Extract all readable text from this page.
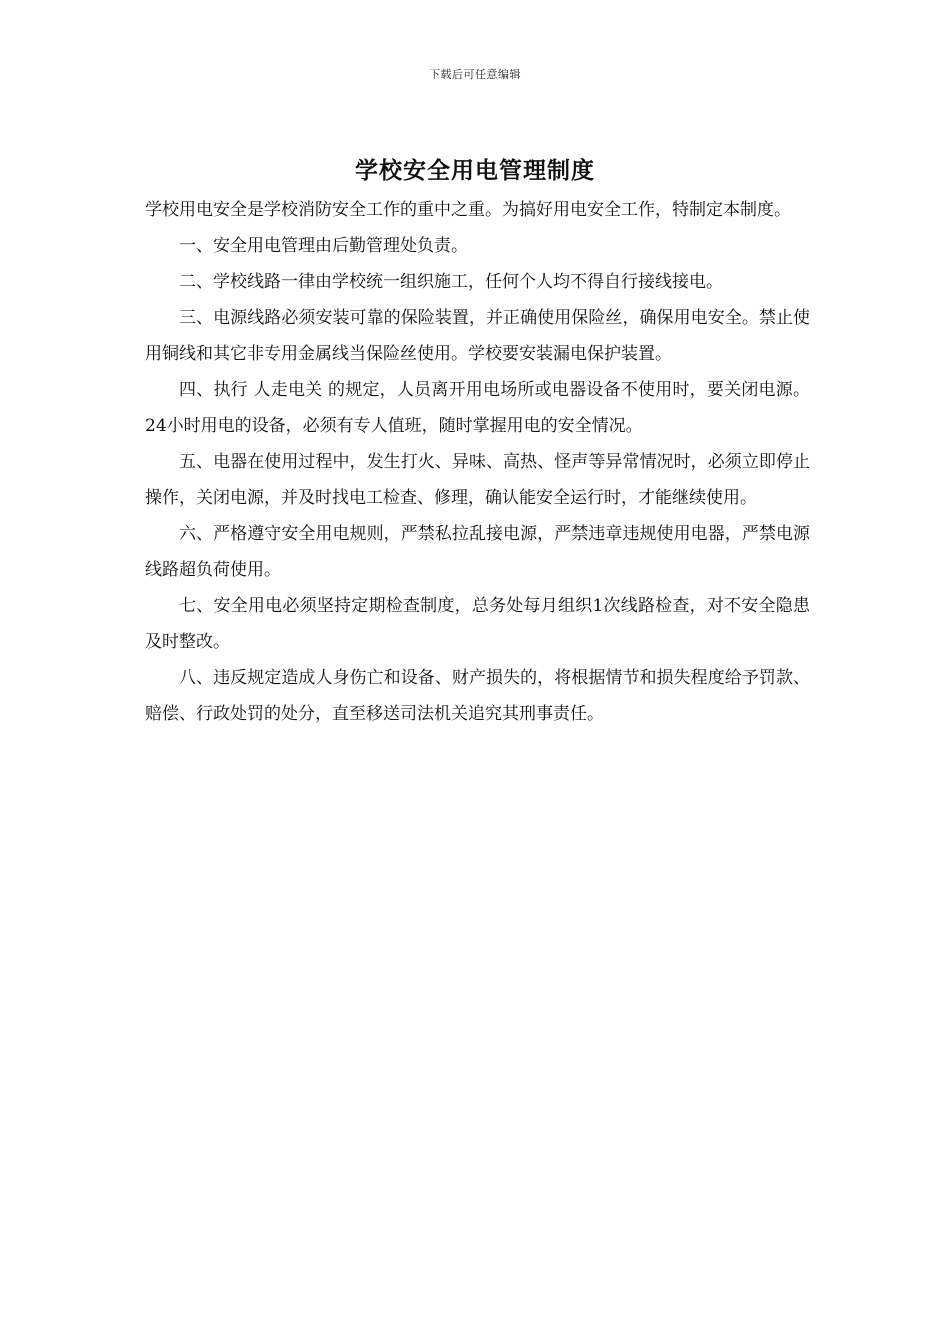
下载后可任意编辑
学校安全用电管理制度

学校用电安全是学校消防安全工作的重中之重。为搞好用电安全工作，特制定本制度。

一、安全用电管理由后勤管理处负责。

二、学校线路一律由学校统一组织施工，任何个人均不得自行接线接电。

三、电源线路必须安装可靠的保险装置，并正确使用保险丝，确保用电安全。禁止使用铜线和其它非专用金属线当保险丝使用。学校要安装漏电保护装置。

四、执行 人走电关 的规定，人员离开用电场所或电器设备不使用时，要关闭电源。24小时用电的设备，必须有专人值班，随时掌握用电的安全情况。

五、电器在使用过程中，发生打火、异味、高热、怪声等异常情况时，必须立即停止操作，关闭电源，并及时找电工检查、修理，确认能安全运行时，才能继续使用。

六、严格遵守安全用电规则，严禁私拉乱接电源，严禁违章违规使用电器，严禁电源线路超负荷使用。

七、安全用电必须坚持定期检查制度，总务处每月组织1次线路检查，对不安全隐患及时整改。

八、违反规定造成人身伤亡和设备、财产损失的，将根据情节和损失程度给予罚款、赔偿、行政处罚的处分，直至移送司法机关追究其刑事责任。
